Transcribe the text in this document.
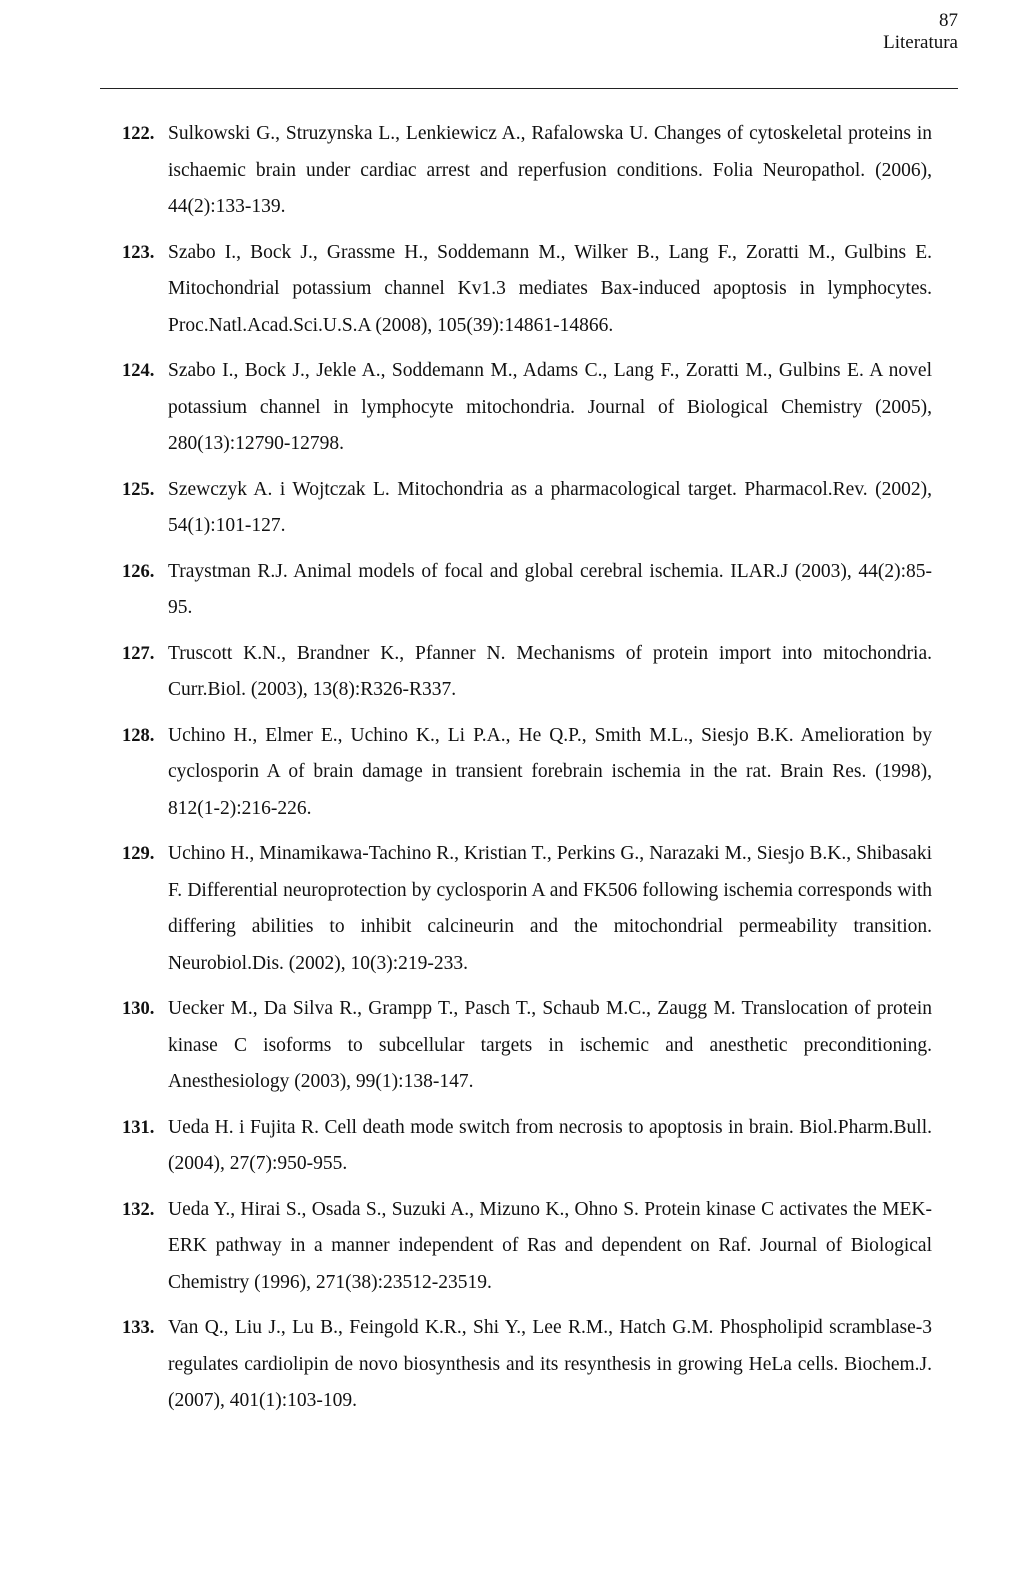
87
Literatura
122. Sulkowski G., Struzynska L., Lenkiewicz A., Rafalowska U. Changes of cytoskeletal proteins in ischaemic brain under cardiac arrest and reperfusion conditions. Folia Neuropathol. (2006), 44(2):133-139.
123. Szabo I., Bock J., Grassme H., Soddemann M., Wilker B., Lang F., Zoratti M., Gulbins E. Mitochondrial potassium channel Kv1.3 mediates Bax-induced apoptosis in lymphocytes. Proc.Natl.Acad.Sci.U.S.A (2008), 105(39):14861-14866.
124. Szabo I., Bock J., Jekle A., Soddemann M., Adams C., Lang F., Zoratti M., Gulbins E. A novel potassium channel in lymphocyte mitochondria. Journal of Biological Chemistry (2005), 280(13):12790-12798.
125. Szewczyk A. i Wojtczak L. Mitochondria as a pharmacological target. Pharmacol.Rev. (2002), 54(1):101-127.
126. Traystman R.J. Animal models of focal and global cerebral ischemia. ILAR.J (2003), 44(2):85-95.
127. Truscott K.N., Brandner K., Pfanner N. Mechanisms of protein import into mitochondria. Curr.Biol. (2003), 13(8):R326-R337.
128. Uchino H., Elmer E., Uchino K., Li P.A., He Q.P., Smith M.L., Siesjo B.K. Amelioration by cyclosporin A of brain damage in transient forebrain ischemia in the rat. Brain Res. (1998), 812(1-2):216-226.
129. Uchino H., Minamikawa-Tachino R., Kristian T., Perkins G., Narazaki M., Siesjo B.K., Shibasaki F. Differential neuroprotection by cyclosporin A and FK506 following ischemia corresponds with differing abilities to inhibit calcineurin and the mitochondrial permeability transition. Neurobiol.Dis. (2002), 10(3):219-233.
130. Uecker M., Da Silva R., Grampp T., Pasch T., Schaub M.C., Zaugg M. Translocation of protein kinase C isoforms to subcellular targets in ischemic and anesthetic preconditioning. Anesthesiology (2003), 99(1):138-147.
131. Ueda H. i Fujita R. Cell death mode switch from necrosis to apoptosis in brain. Biol.Pharm.Bull. (2004), 27(7):950-955.
132. Ueda Y., Hirai S., Osada S., Suzuki A., Mizuno K., Ohno S. Protein kinase C activates the MEK-ERK pathway in a manner independent of Ras and dependent on Raf. Journal of Biological Chemistry (1996), 271(38):23512-23519.
133. Van Q., Liu J., Lu B., Feingold K.R., Shi Y., Lee R.M., Hatch G.M. Phospholipid scramblase-3 regulates cardiolipin de novo biosynthesis and its resynthesis in growing HeLa cells. Biochem.J. (2007), 401(1):103-109.
